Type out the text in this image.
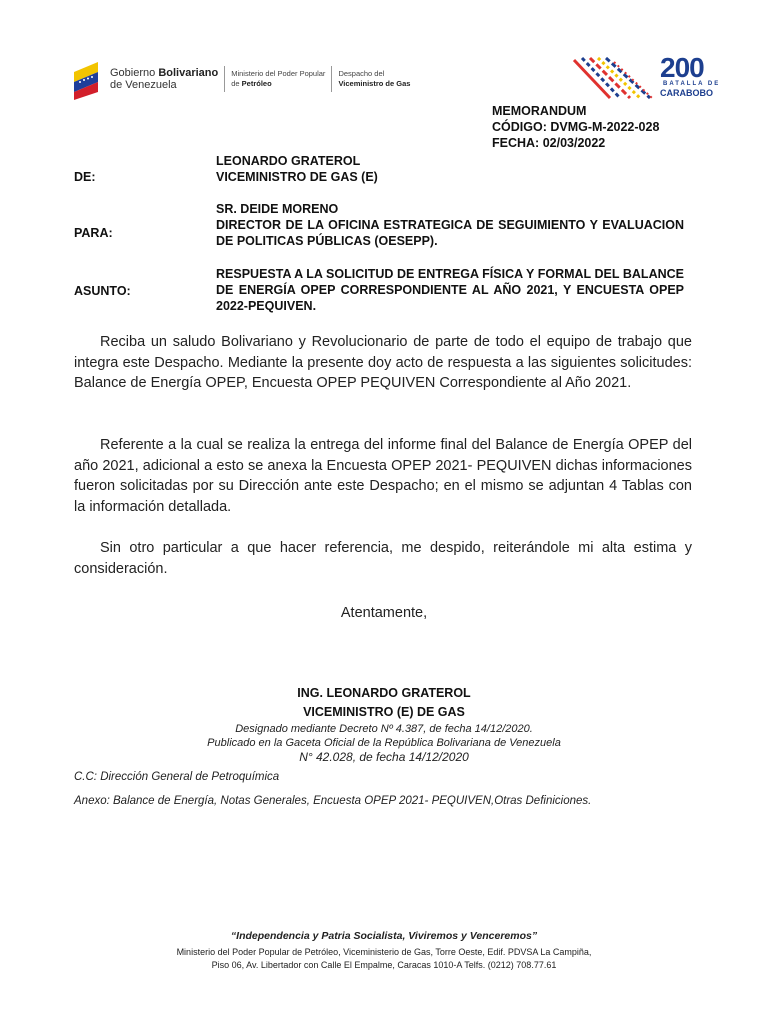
Gobierno Bolivariano
de Venezuela
Ministerio del Poder Popular
de Petróleo
Despacho del
Viceministro de Gas
200
BATALLA DE
CARABOBO
MEMORANDUM
CÓDIGO: DVMG-M-2022-028
FECHA: 02/03/2022
LEONARDO GRATEROL
VICEMINISTRO DE GAS (E)
DE:
SR. DEIDE MORENO
DIRECTOR DE LA OFICINA ESTRATEGICA DE SEGUIMIENTO Y EVALUACION DE POLITICAS PÚBLICAS (OESEPP).
PARA:
RESPUESTA A LA SOLICITUD DE ENTREGA FÍSICA Y FORMAL DEL BALANCE DE ENERGÍA OPEP CORRESPONDIENTE AL AÑO 2021, Y ENCUESTA OPEP 2022-PEQUIVEN.
ASUNTO:
Reciba un saludo Bolivariano y Revolucionario de parte de todo el equipo de trabajo que integra este Despacho. Mediante la presente doy acto de respuesta a las siguientes solicitudes: Balance de Energía OPEP, Encuesta OPEP PEQUIVEN Correspondiente al Año 2021.
Referente a la cual se realiza la entrega del informe final del Balance de Energía OPEP del año 2021, adicional a esto se anexa la Encuesta OPEP 2021- PEQUIVEN dichas informaciones fueron solicitadas por su Dirección ante este Despacho; en el mismo se adjuntan 4 Tablas con la información detallada.
Sin otro particular a que hacer referencia, me despido, reiterándole mi alta estima y consideración.
Atentamente,
ING. LEONARDO GRATEROL
VICEMINISTRO (E) DE GAS
Designado mediante Decreto Nº 4.387, de fecha 14/12/2020.
Publicado en la Gaceta Oficial de la República Bolivariana de Venezuela
N° 42.028, de fecha 14/12/2020
C.C: Dirección General de Petroquímica
Anexo: Balance de Energía, Notas Generales, Encuesta OPEP 2021- PEQUIVEN,Otras Definiciones.
“Independencia y Patria Socialista, Viviremos y Venceremos”
Ministerio del Poder Popular de Petróleo, Viceministerio de Gas, Torre Oeste, Edif. PDVSA La Campiña,
Piso 06, Av. Libertador con Calle El Empalme, Caracas 1010-A Telfs. (0212) 708.77.61
